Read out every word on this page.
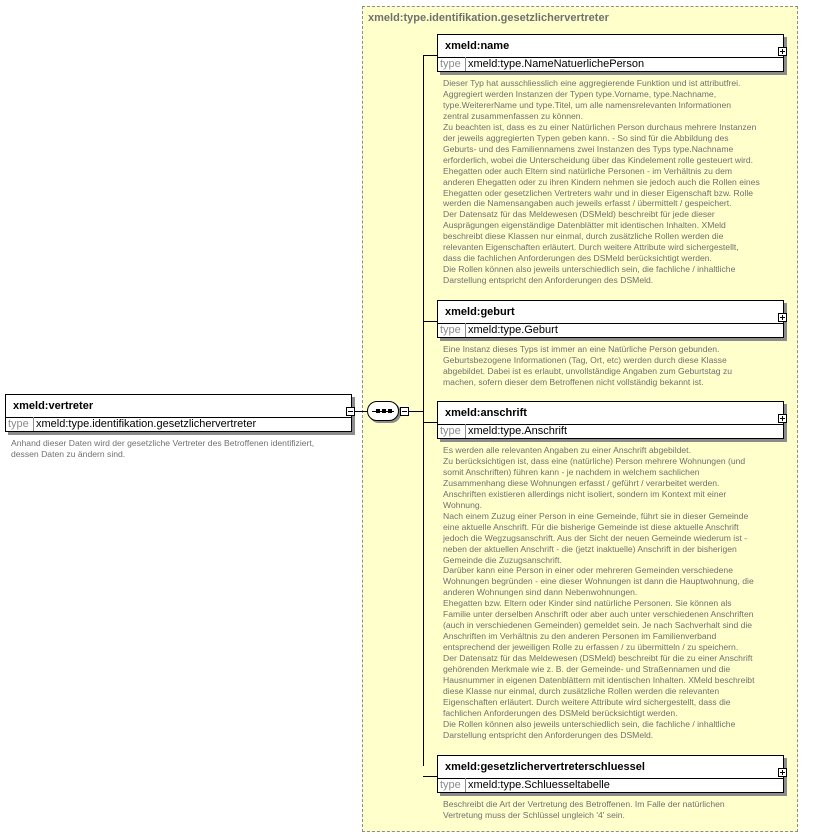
xmeld:type.identifikation.gesetzlichervertreter
xmeld:vertreter
type xmeld:type.identifikation.gesetzlichervertreter
Anhand dieser Daten wird der gesetzliche Vertreter des Betroffenen identifiziert,
dessen Daten zu ändern sind.
xmeld:name
type xmeld:type.NameNatuerlichePerson
Dieser Typ hat ausschliesslich eine aggregierende Funktion und ist attributfrei.
Aggregiert werden Instanzen der Typen type.Vorname, type.Nachname,
type.WeitererName und type.Titel, um alle namensrelevanten Informationen
zentral zusammenfassen zu können.
Zu beachten ist, dass es zu einer Natürlichen Person durchaus mehrere Instanzen
der jeweils aggregierten Typen geben kann. - So sind für die Abbildung des
Geburts- und des Familiennamens zwei Instanzen des Typs type.Nachname
erforderlich, wobei die Unterscheidung über das Kindelement rolle gesteuert wird.
Ehegatten oder auch Eltern sind natürliche Personen - im Verhältnis zu dem
anderen Ehegatten oder zu ihren Kindern nehmen sie jedoch auch die Rollen eines
Ehegatten oder gesetzlichen Vertreters wahr und in dieser Eigenschaft bzw. Rolle
werden die Namensangaben auch jeweils erfasst / übermittelt / gespeichert.
Der Datensatz für das Meldewesen (DSMeld) beschreibt für jede dieser
Ausprägungen eigenständige Datenblätter mit identischen Inhalten. XMeld
beschreibt diese Klassen nur einmal, durch zusätzliche Rollen werden die
relevanten Eigenschaften erläutert. Durch weitere Attribute wird sichergestellt,
dass die fachlichen Anforderungen des DSMeld berücksichtigt werden.
Die Rollen können also jeweils unterschiedlich sein, die fachliche / inhaltliche
Darstellung entspricht den Anforderungen des DSMeld.
xmeld:geburt
type xmeld:type.Geburt
Eine Instanz dieses Typs ist immer an eine Natürliche Person gebunden.
Geburtsbezogene Informationen (Tag, Ort, etc) werden durch diese Klasse
abgebildet. Dabei ist es erlaubt, unvollständige Angaben zum Geburtstag zu
machen, sofern dieser dem Betroffenen nicht vollständig bekannt ist.
xmeld:anschrift
type xmeld:type.Anschrift
Es werden alle relevanten Angaben zu einer Anschrift abgebildet.
Zu berücksichtigen ist, dass eine (natürliche) Person mehrere Wohnungen (und
somit Anschriften) führen kann - je nachdem in welchem sachlichen
Zusammenhang diese Wohnungen erfasst / geführt / verarbeitet werden.
Anschriften existieren allerdings nicht isoliert, sondern im Kontext mit einer
Wohnung.
Nach einem Zuzug einer Person in eine Gemeinde, führt sie in dieser Gemeinde
eine aktuelle Anschrift. Für die bisherige Gemeinde ist diese aktuelle Anschrift
jedoch die Wegzugsanschrift. Aus der Sicht der neuen Gemeinde wiederum ist -
neben der aktuellen Anschrift - die (jetzt inaktuelle) Anschrift in der bisherigen
Gemeinde die Zuzugsanschrift.
Darüber kann eine Person in einer oder mehreren Gemeinden verschiedene
Wohnungen begründen - eine dieser Wohnungen ist dann die Hauptwohnung, die
anderen Wohnungen sind dann Nebenwohnungen.
Ehegatten bzw. Eltern oder Kinder sind natürliche Personen. Sie können als
Familie unter derselben Anschrift oder aber auch unter verschiedenen Anschriften
(auch in verschiedenen Gemeinden) gemeldet sein. Je nach Sachverhalt sind die
Anschriften im Verhältnis zu den anderen Personen im Familienverband
entsprechend der jeweiligen Rolle zu erfassen / zu übermitteln / zu speichern.
Der Datensatz für das Meldewesen (DSMeld) beschreibt für die zu einer Anschrift
gehörenden Merkmale wie z. B. der Gemeinde- und Straßennamen und die
Hausnummer in eigenen Datenblättern mit identischen Inhalten. XMeld beschreibt
diese Klasse nur einmal, durch zusätzliche Rollen werden die relevanten
Eigenschaften erläutert. Durch weitere Attribute wird sichergestellt, dass die
fachlichen Anforderungen des DSMeld berücksichtigt werden.
Die Rollen können also jeweils unterschiedlich sein, die fachliche / inhaltliche
Darstellung entspricht den Anforderungen des DSMeld.
xmeld:gesetzlichervertreterschluessel
type xmeld:type.Schluesseltabelle
Beschreibt die Art der Vertretung des Betroffenen. Im Falle der natürlichen
Vertretung muss der Schlüssel ungleich '4' sein.
